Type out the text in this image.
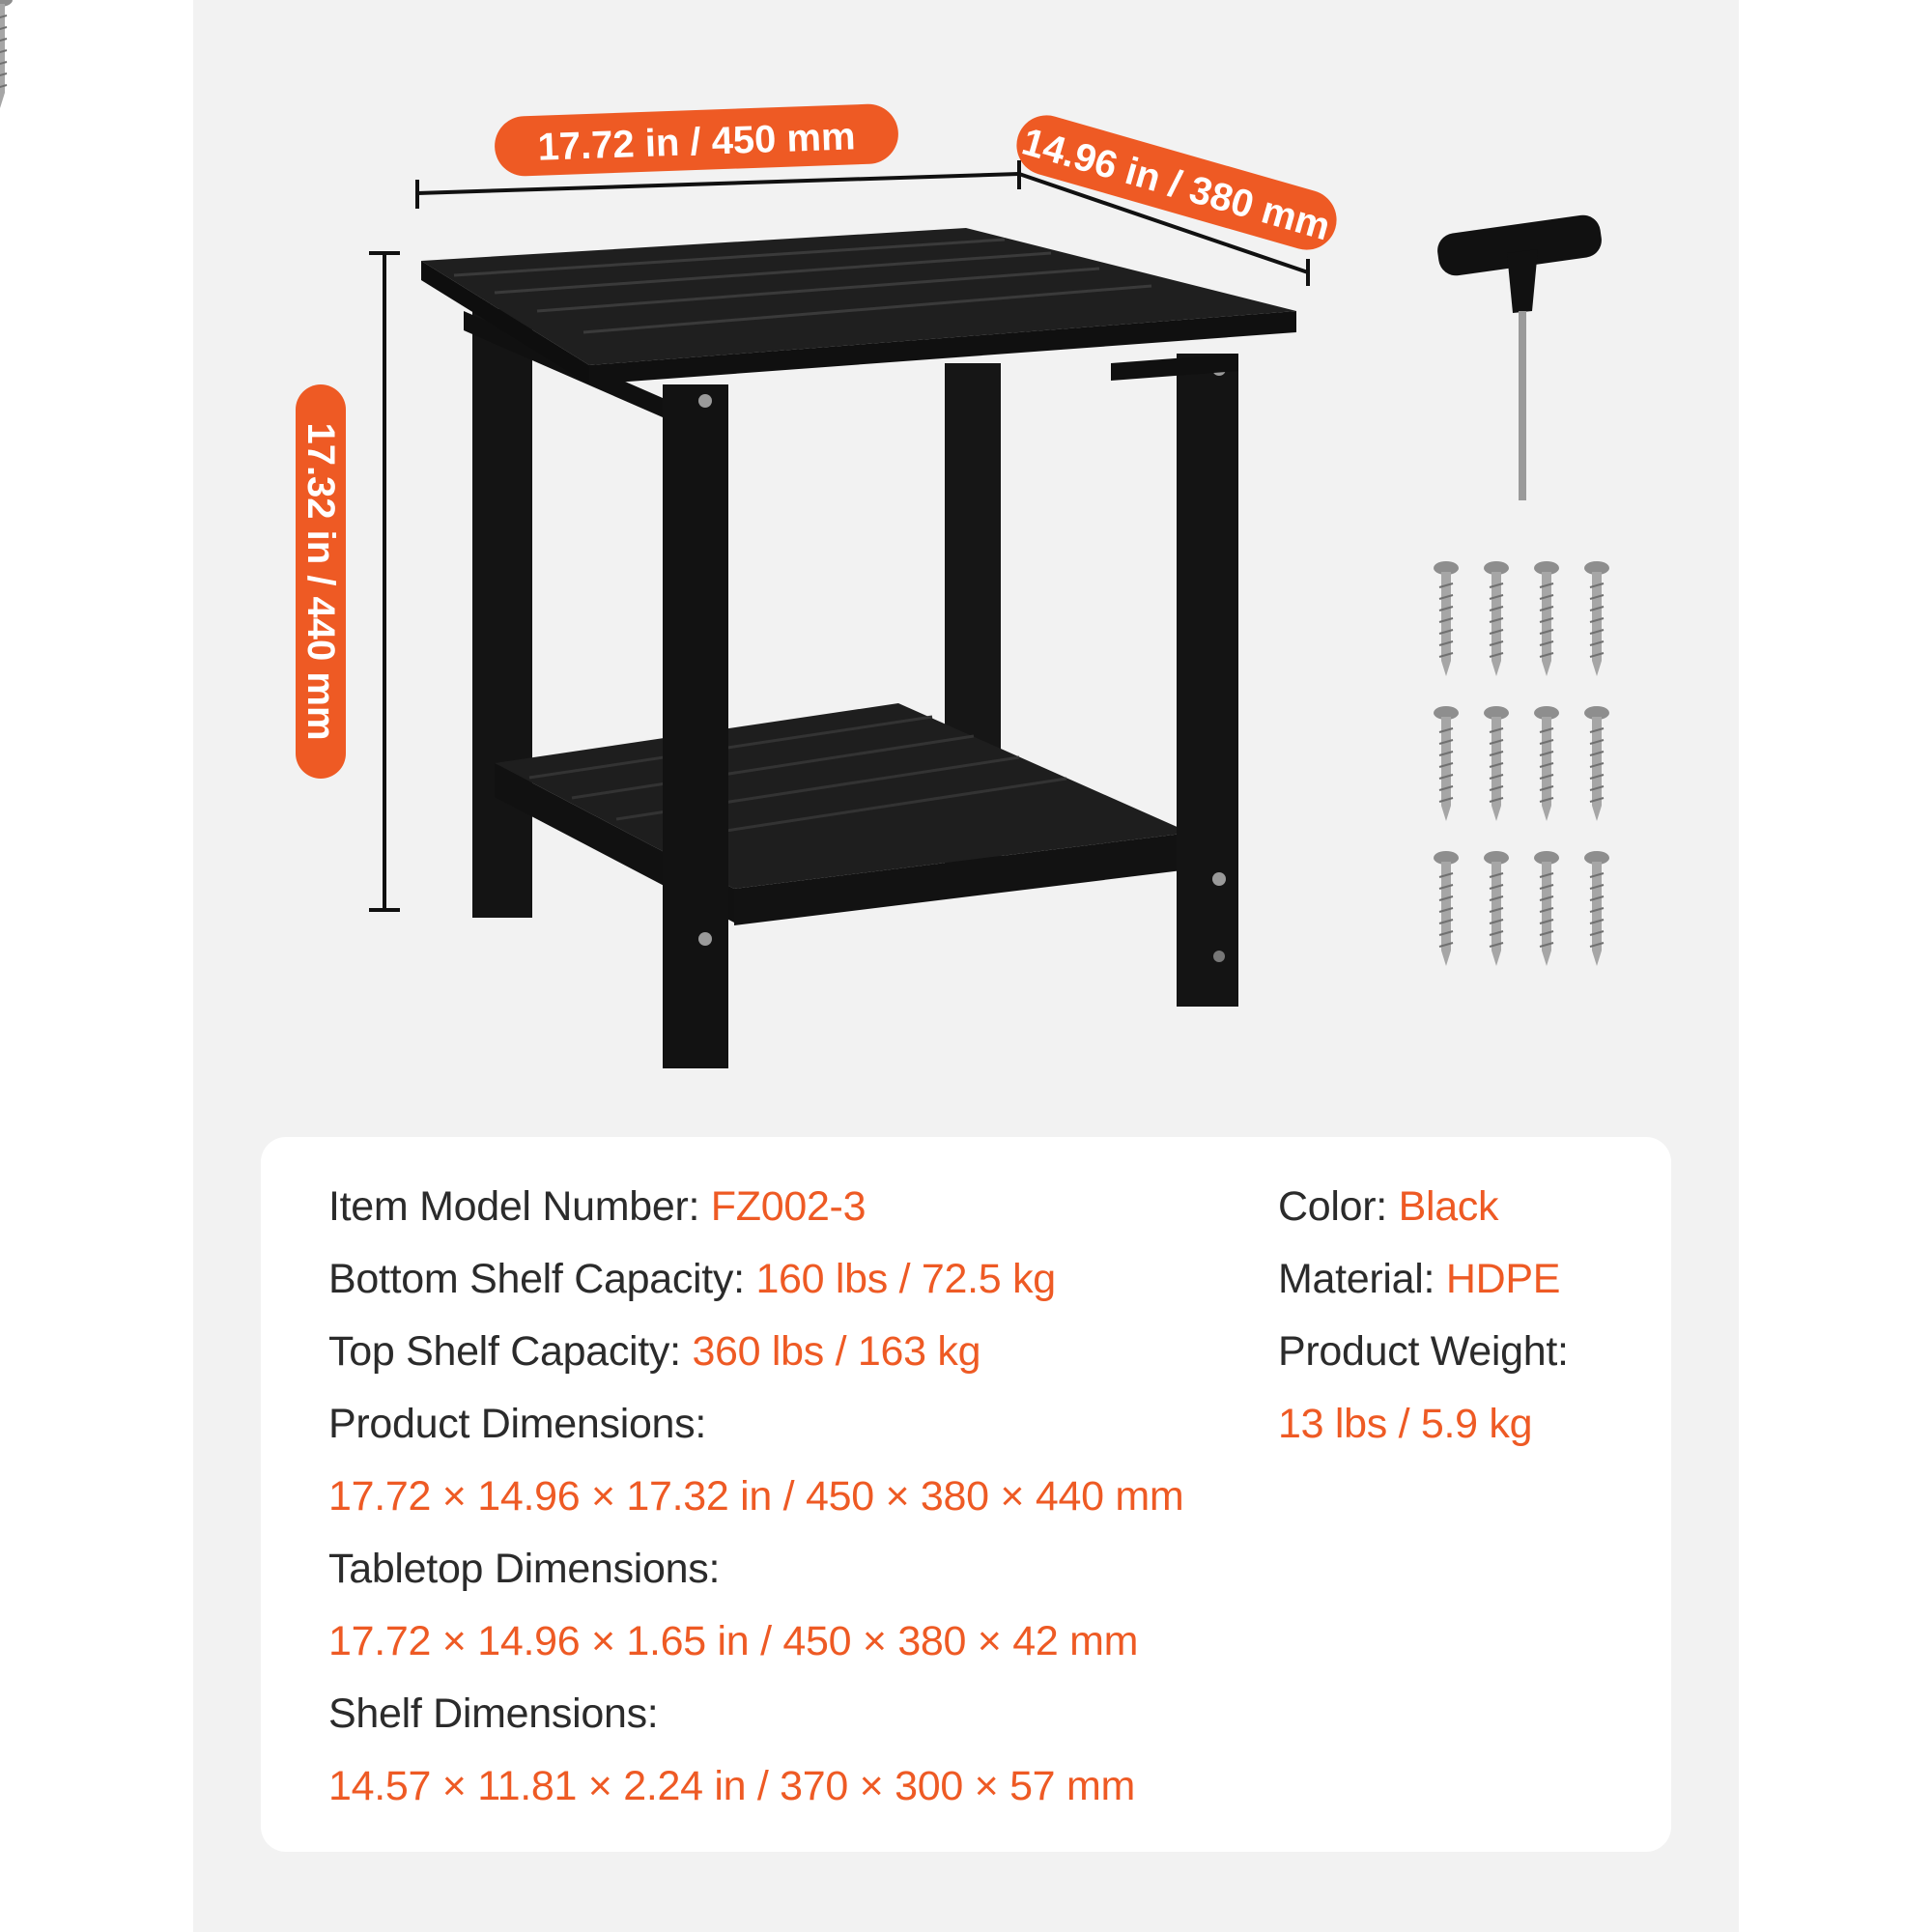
17.72 in / 450 mm	14.96 in / 380 mm
17.32 in / 440 mm
Item Model Number: FZ002-3
Bottom Shelf Capacity: 160 lbs / 72.5 kg
Top Shelf Capacity: 360 lbs / 163 kg
Product Dimensions:
17.72 × 14.96 × 17.32 in / 450 × 380 × 440 mm
Tabletop Dimensions:
17.72 × 14.96 × 1.65 in / 450 × 380 × 42 mm
Shelf Dimensions:
14.57 × 11.81 × 2.24 in / 370 × 300 × 57 mm
Color: Black
Material: HDPE
Product Weight:
13 lbs / 5.9 kg
